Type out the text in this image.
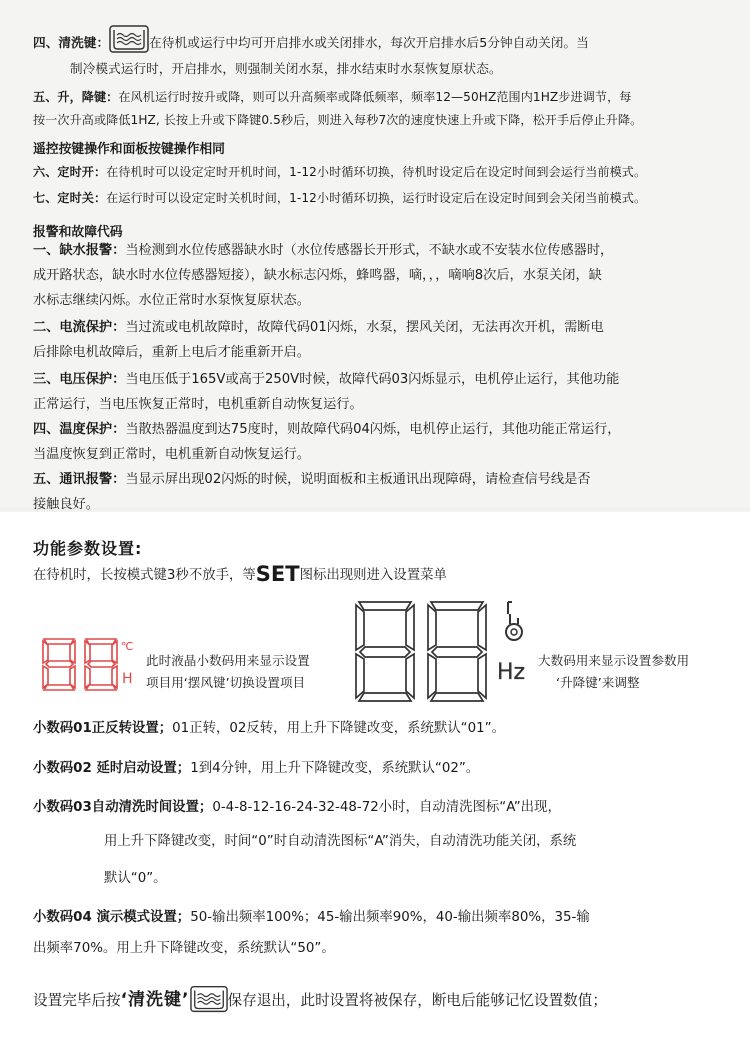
四、清洗键：	在待机或运行中均可开启排水或关闭排水，每次开启排水后5分钟自动关闭。当
制冷模式运行时，开启排水，则强制关闭水泵，排水结束时水泵恢复原状态。
五、升，降键：在风机运行时按升或降，则可以升高频率或降低频率，频率12—50HZ范围内1HZ步进调节，每
按一次升高或降低1HZ, 长按上升或下降键0.5秒后，则进入每秒7次的速度快速上升或下降，松开手后停止升降。
遥控按键操作和面板按键操作相同
六、定时开：在待机时可以设定定时开机时间，1-12小时循环切换，待机时设定后在设定时间到会运行当前模式。
七、定时关：在运行时可以设定定时关机时间，1-12小时循环切换，运行时设定后在设定时间到会关闭当前模式。
报警和故障代码
一、缺水报警：当检测到水位传感器缺水时（水位传感器长开形式，不缺水或不安装水位传感器时，
成开路状态，缺水时水位传感器短接），缺水标志闪烁，蜂鸣器，嘀，，，嘀响8次后，水泵关闭，缺
水标志继续闪烁。水位正常时水泵恢复原状态。
二、电流保护：当过流或电机故障时，故障代码01闪烁，水泵，摆风关闭，无法再次开机，需断电
后排除电机故障后，重新上电后才能重新开启。
三、电压保护：当电压低于165V或高于250V时候，故障代码03闪烁显示，电机停止运行，其他功能
正常运行，当电压恢复正常时，电机重新自动恢复运行。
四、温度保护：当散热器温度到达75度时，则故障代码04闪烁，电机停止运行，其他功能正常运行，
当温度恢复到正常时，电机重新自动恢复运行。
五、通讯报警：当显示屏出现02闪烁的时候，说明面板和主板通讯出现障碍，请检查信号线是否
接触良好。
功能参数设置:
在待机时，长按模式键3秒不放手，等SET图标出现则进入设置菜单
℃
H
此时液晶小数码用来显示设置
项目用‘摆风键’切换设置项目	Hz 大数码用来显示设置参数用
‘升降键’来调整
小数码01正反转设置；01正转，02反转，用上升下降键改变，系统默认“01”。
小数码02 延时启动设置；1到4分钟，用上升下降键改变，系统默认“02”。
小数码03自动清洗时间设置；0-4-8-12-16-24-32-48-72小时，自动清洗图标“A”出现，
用上升下降键改变，时间“0”时自动清洗图标“A”消失，自动清洗功能关闭，系统
默认“0”。
小数码04 演示模式设置；50-输出频率100%；45-输出频率90%，40-输出频率80%，35-输
出频率70%。用上升下降键改变，系统默认“50”。
设置完毕后按‘清洗键’	保存退出，此时设置将被保存，断电后能够记忆设置数值；
